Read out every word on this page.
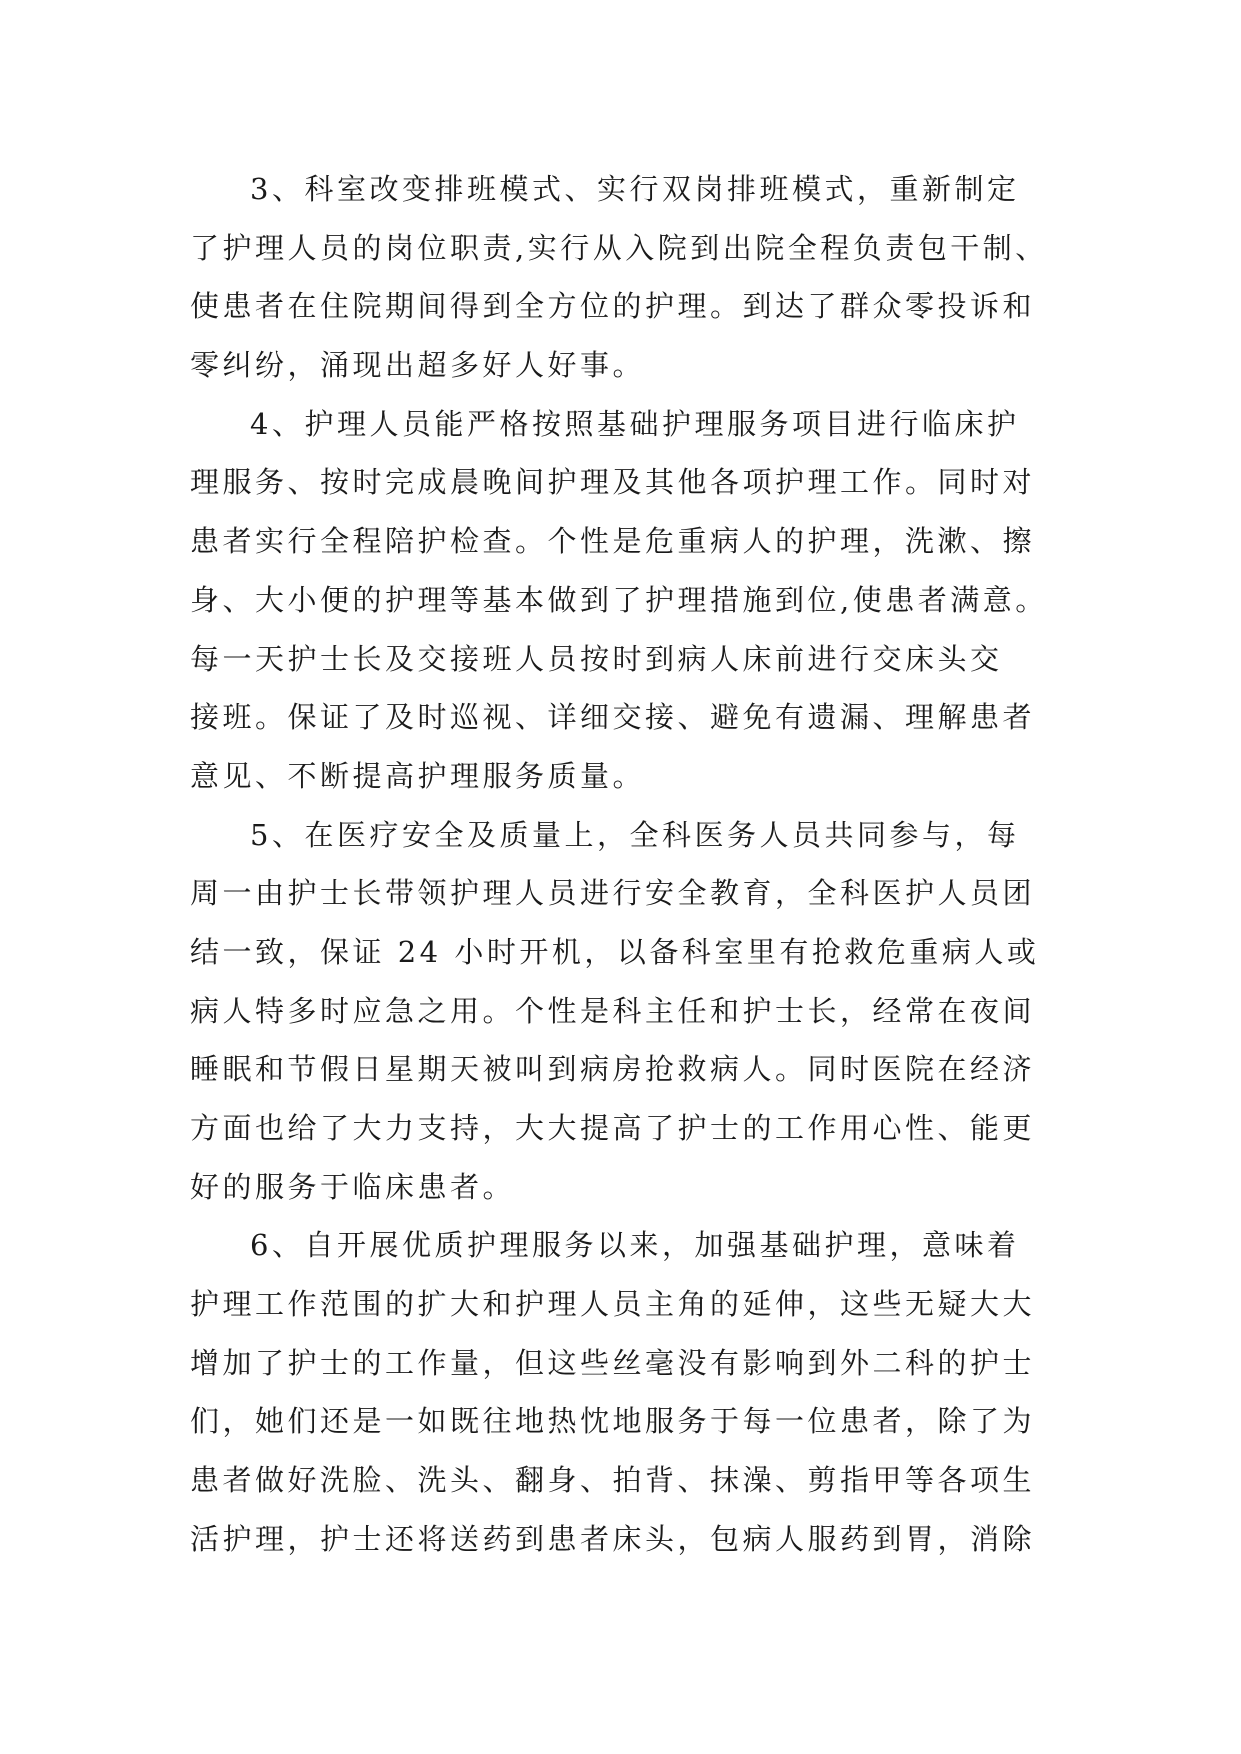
3、科室改变排班模式、实行双岗排班模式，重新制定
了护理人员的岗位职责,实行从入院到出院全程负责包干制、
使患者在住院期间得到全方位的护理。到达了群众零投诉和
零纠纷，涌现出超多好人好事。
4、护理人员能严格按照基础护理服务项目进行临床护
理服务、按时完成晨晚间护理及其他各项护理工作。同时对
患者实行全程陪护检查。个性是危重病人的护理，洗漱、擦
身、大小便的护理等基本做到了护理措施到位,使患者满意。
每一天护士长及交接班人员按时到病人床前进行交床头交
接班。保证了及时巡视、详细交接、避免有遗漏、理解患者
意见、不断提高护理服务质量。
5、在医疗安全及质量上，全科医务人员共同参与，每
周一由护士长带领护理人员进行安全教育，全科医护人员团
结一致，保证 24 小时开机，以备科室里有抢救危重病人或
病人特多时应急之用。个性是科主任和护士长，经常在夜间
睡眠和节假日星期天被叫到病房抢救病人。同时医院在经济
方面也给了大力支持，大大提高了护士的工作用心性、能更
好的服务于临床患者。
6、自开展优质护理服务以来，加强基础护理，意味着
护理工作范围的扩大和护理人员主角的延伸，这些无疑大大
增加了护士的工作量，但这些丝毫没有影响到外二科的护士
们，她们还是一如既往地热忱地服务于每一位患者，除了为
患者做好洗脸、洗头、翻身、拍背、抹澡、剪指甲等各项生
活护理，护士还将送药到患者床头，包病人服药到胃，消除
